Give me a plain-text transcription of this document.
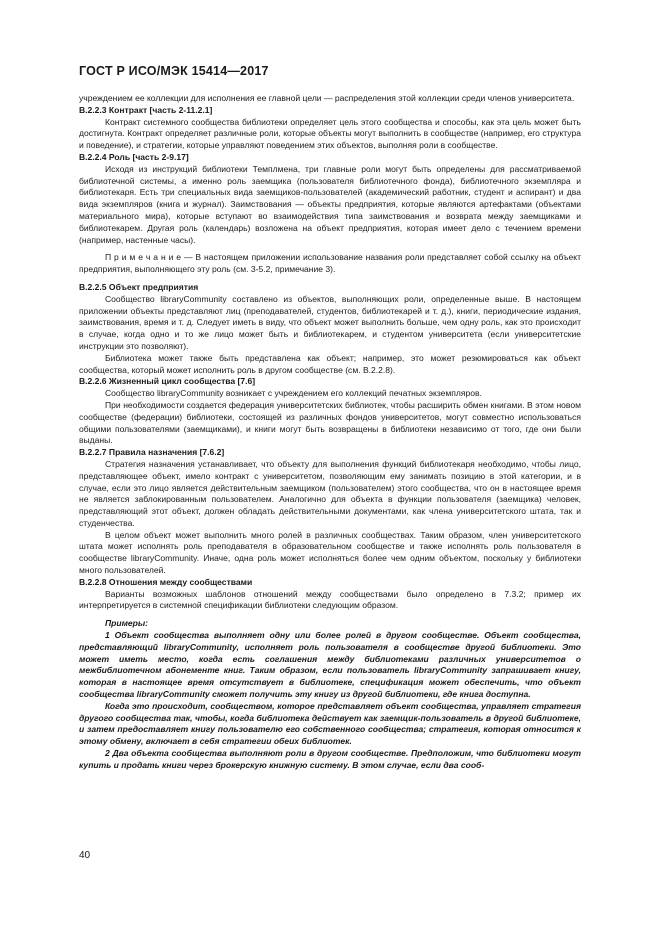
ГОСТ Р ИСО/МЭК 15414—2017

учреждением ее коллекции для исполнения ее главной цели — распределения этой коллекции среди членов университета.

В.2.2.3 Контракт [часть 2-11.2.1]

Контракт системного сообщества библиотеки определяет цель этого сообщества и способы, как эта цель может быть достигнута. Контракт определяет различные роли, которые объекты могут выполнить в сообществе (например, его структура и поведение), и стратегии, которые управляют поведением этих объектов, выполняя роли в сообществе.

В.2.2.4 Роль [часть 2-9.17]

Исходя из инструкций библиотеки Темплмена, три главные роли могут быть определены для рассматриваемой библиотечной системы, а именно роль заемщика (пользователя библиотечного фонда), библиотечного экземпляра и библиотекаря. Есть три специальных вида заемщиков-пользователей (академический работник, студент и аспирант) и два вида экземпляров (книга и журнал). Заимствования — объекты предприятия, которые являются артефактами (объектами материального мира), которые вступают во взаимодействия типа заимствования и возврата между заемщиками и библиотекарем. Другая роль (календарь) возложена на объект предприятия, которая имеет дело с течением времени (например, настенные часы).

П р и м е ч а н и е — В настоящем приложении использование названия роли представляет собой ссылку на объект предприятия, выполняющего эту роль (см. 3-5.2, примечание 3).

В.2.2.5 Объект предприятия

Сообщество libraryCommunity составлено из объектов, выполняющих роли, определенные выше. В настоящем приложении объекты представляют лиц (преподавателей, студентов, библиотекарей и т. д.), книги, периодические издания, заимствования, время и т. д. Следует иметь в виду, что объект может выполнить больше, чем одну роль, как это происходит в случае, когда одно и то же лицо может быть и библиотекарем, и студентом университета (если университетские инструкции это позволяют).

Библиотека может также быть представлена как объект; например, это может резюмироваться как объект сообщества, который может исполнить роль в другом сообществе (см. В.2.2.8).

В.2.2.6 Жизненный цикл сообщества [7.6]

Сообщество libraryCommunity возникает с учреждением его коллекций печатных экземпляров.

При необходимости создается федерация университетских библиотек, чтобы расширить обмен книгами. В этом новом сообществе (федерации) библиотеки, состоящей из различных фондов университетов, могут совместно использоваться общими пользователями (заемщиками), и книги могут быть возвращены в библиотеки независимо от того, где они были выданы.

В.2.2.7 Правила назначения [7.6.2]

Стратегия назначения устанавливает, что объекту для выполнения функций библиотекаря необходимо, чтобы лицо, представляющее объект, имело контракт с университетом, позволяющим ему занимать позицию в этой категории, и в случае, если это лицо является действительным заемщиком (пользователем) этого сообщества, что он в настоящее время не является заблокированным пользователем. Аналогично для объекта в функции пользователя (заемщика) человек, представляющий этот объект, должен обладать действительными документами, как члена университетского штата, так и студенчества.

В целом объект может выполнить много ролей в различных сообществах. Таким образом, член университетского штата может исполнять роль преподавателя в образовательном сообществе и также исполнять роль пользователя в сообществе libraryCommunity. Иначе, одна роль может исполняться более чем одним объектом, поскольку у библиотеки много пользователей.

В.2.2.8 Отношения между сообществами

Варианты возможных шаблонов отношений между сообществами было определено в 7.3.2; пример их интерпретируется в системной спецификации библиотеки следующим образом.

Примеры:

1 Объект сообщества выполняет одну или более ролей в другом сообществе. Объект сообщества, представляющий libraryCommunity, исполняет роль пользователя в сообществе другой библиотеки. Это может иметь место, когда есть соглашения между библиотеками различных университетов о межбиблиотечном абонементе книг. Таким образом, если пользователь libraryCommunity запрашивает книгу, которая в настоящее время отсутствует в библиотеке, спецификация может обеспечить, что объект сообщества libraryCommunity сможет получить эту книгу из другой библиотеки, где книга доступна.

Когда это происходит, сообществом, которое представляет объект сообщества, управляет стратегия другого сообщества так, чтобы, когда библиотека действует как заемщик-пользователь в другой библиотеке, и затем предоставляет книгу пользователю его собственного сообщества; стратегия, которая относится к этому обмену, включает в себя стратегии обеих библиотек.

2 Два объекта сообщества выполняют роли в другом сообществе. Предположим, что библиотеки могут купить и продать книги через брокерскую книжную систему. В этом случае, если два сооб-

40
